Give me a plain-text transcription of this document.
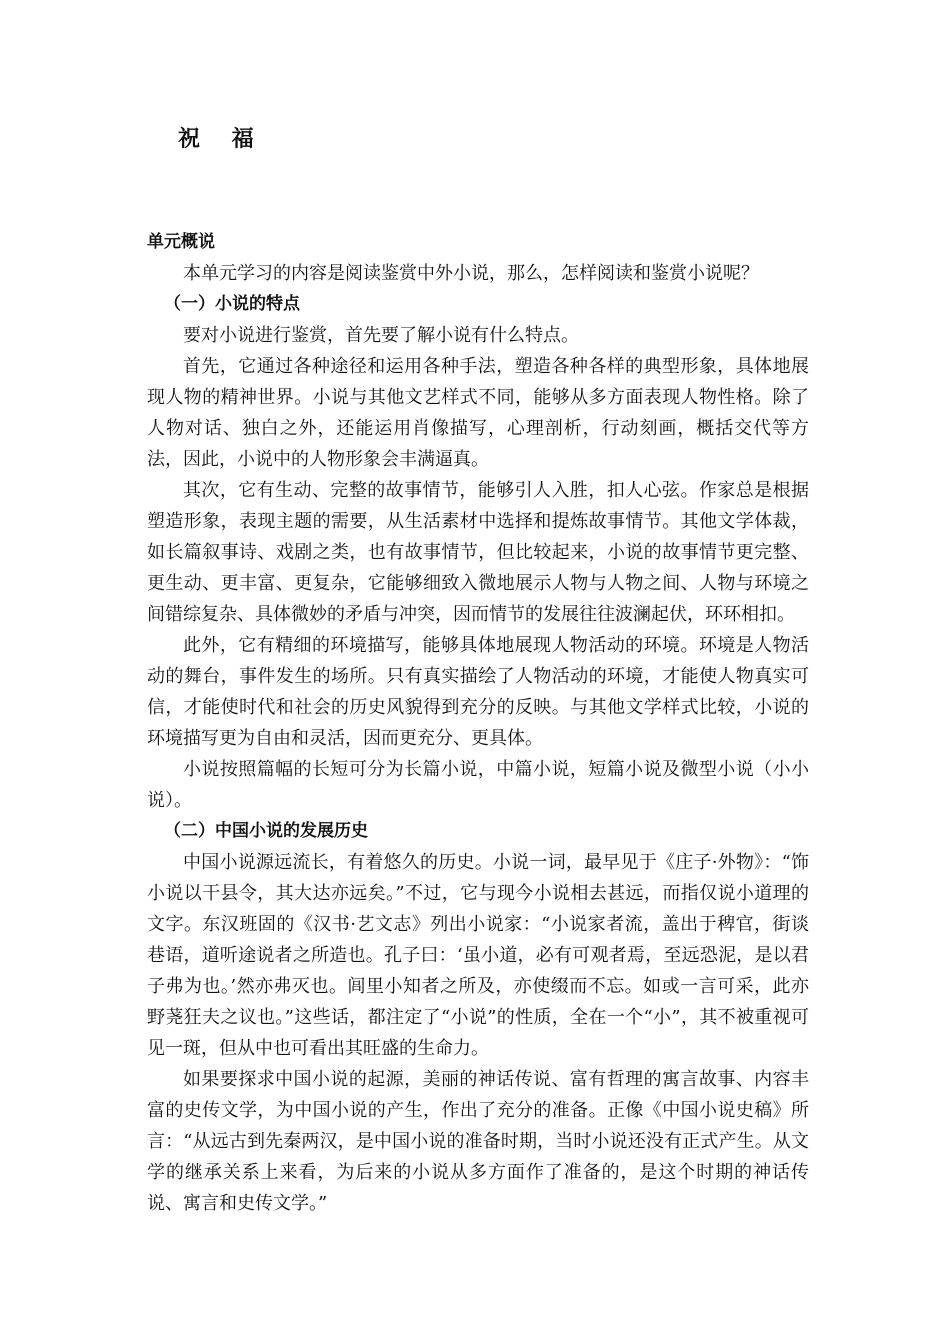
祝 福
单元概说

本单元学习的内容是阅读鉴赏中外小说，那么，怎样阅读和鉴赏小说呢？

（一）小说的特点

要对小说进行鉴赏，首先要了解小说有什么特点。

首先，它通过各种途径和运用各种手法，塑造各种各样的典型形象，具体地展现人物的精神世界。小说与其他文艺样式不同，能够从多方面表现人物性格。除了人物对话、独白之外，还能运用肖像描写，心理剖析，行动刻画，概括交代等方法，因此，小说中的人物形象会丰满逼真。

其次，它有生动、完整的故事情节，能够引人入胜，扣人心弦。作家总是根据塑造形象，表现主题的需要，从生活素材中选择和提炼故事情节。其他文学体裁，如长篇叙事诗、戏剧之类，也有故事情节，但比较起来，小说的故事情节更完整、更生动、更丰富、更复杂，它能够细致入微地展示人物与人物之间、人物与环境之间错综复杂、具体微妙的矛盾与冲突，因而情节的发展往往波澜起伏，环环相扣。

此外，它有精细的环境描写，能够具体地展现人物活动的环境。环境是人物活动的舞台，事件发生的场所。只有真实描绘了人物活动的环境，才能使人物真实可信，才能使时代和社会的历史风貌得到充分的反映。与其他文学样式比较，小说的环境描写更为自由和灵活，因而更充分、更具体。

小说按照篇幅的长短可分为长篇小说，中篇小说，短篇小说及微型小说（小小说）。

（二）中国小说的发展历史

中国小说源远流长，有着悠久的历史。小说一词，最早见于《庄子·外物》：“饰小说以干县令，其大达亦远矣。”不过，它与现今小说相去甚远，而指仅说小道理的文字。东汉班固的《汉书·艺文志》列出小说家：“小说家者流，盖出于稗官，街谈巷语，道听途说者之所造也。孔子曰：‘虽小道，必有可观者焉，至远恐泥，是以君子弗为也。’然亦弗灭也。闾里小知者之所及，亦使缀而不忘。如或一言可采，此亦野荛狂夫之议也。”这些话，都注定了“小说”的性质，全在一个“小”，其不被重视可见一斑，但从中也可看出其旺盛的生命力。

如果要探求中国小说的起源，美丽的神话传说、富有哲理的寓言故事、内容丰富的史传文学，为中国小说的产生，作出了充分的准备。正像《中国小说史稿》所言：“从远古到先秦两汉，是中国小说的准备时期，当时小说还没有正式产生。从文学的继承关系上来看，为后来的小说从多方面作了准备的，是这个时期的神话传说、寓言和史传文学。”
